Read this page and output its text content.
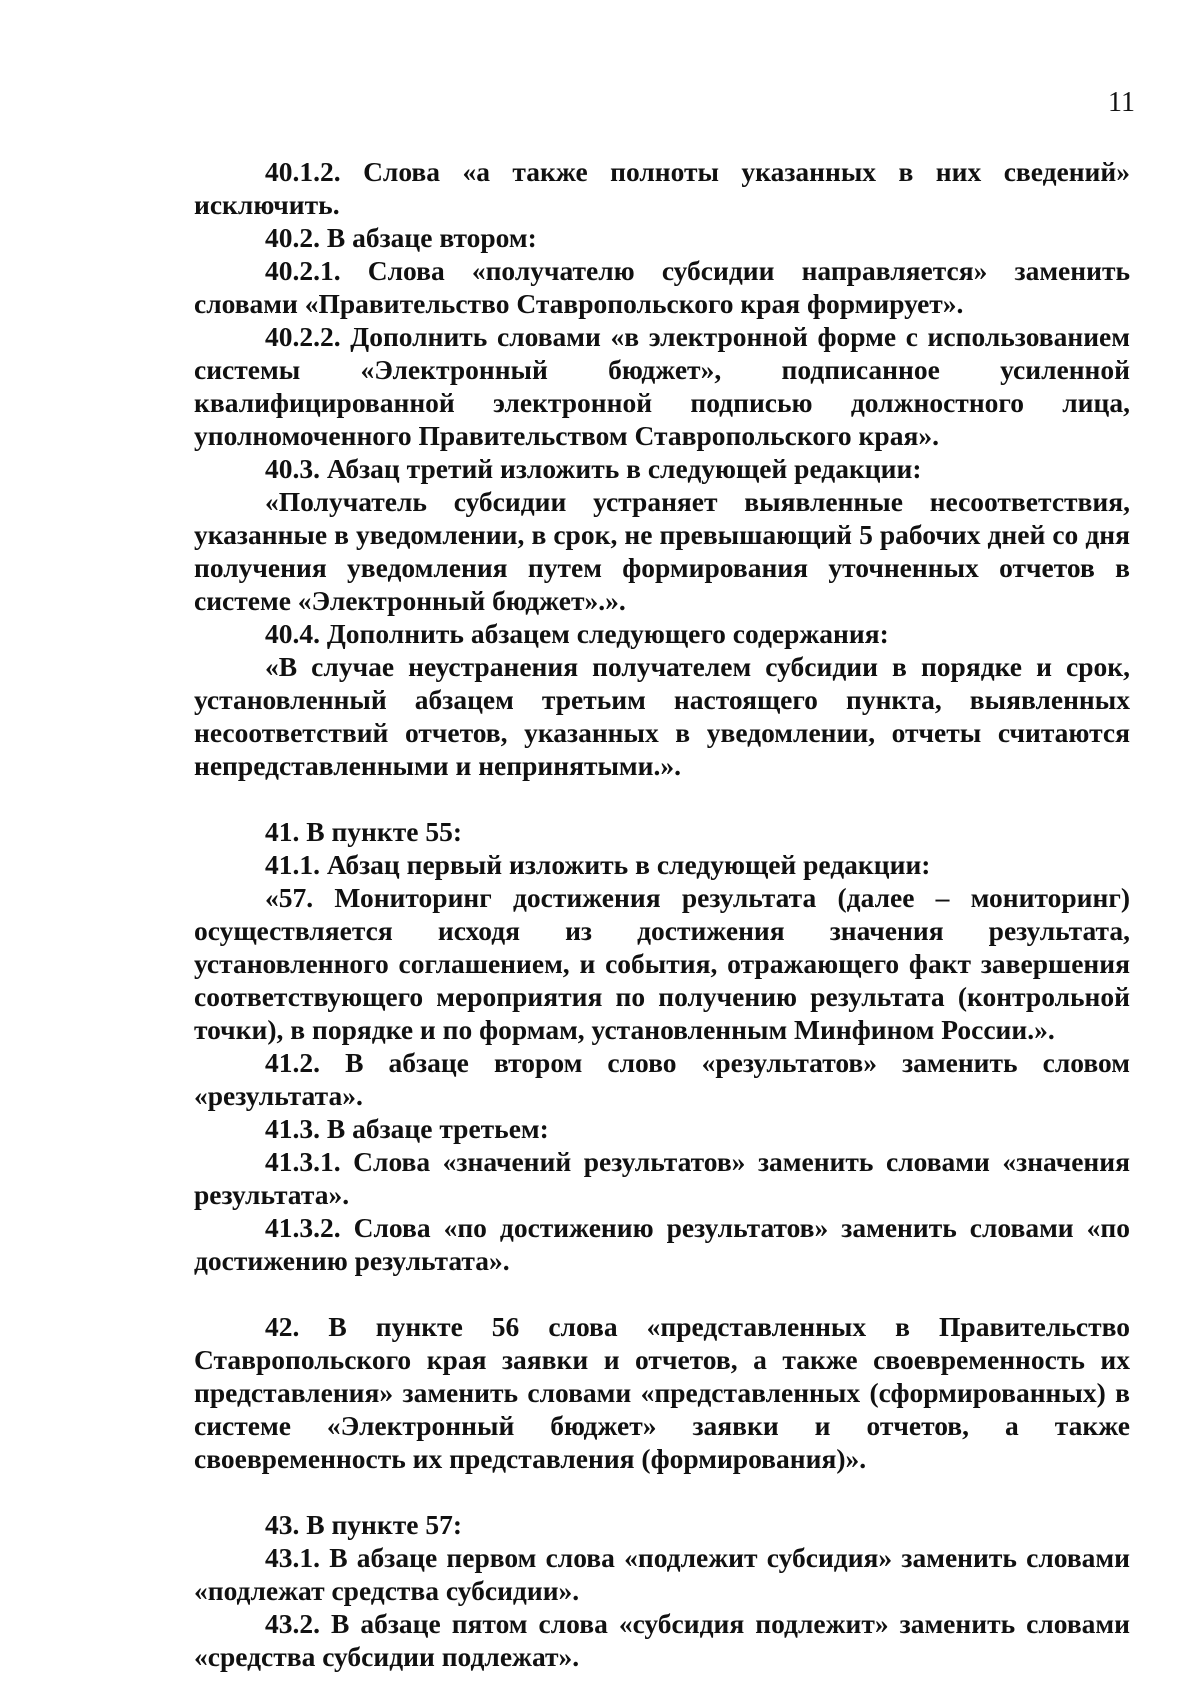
11

40.1.2. Слова «а также полноты указанных в них сведений» исключить.

40.2. В абзаце втором:

40.2.1. Слова «получателю субсидии направляется» заменить словами «Правительство Ставропольского края формирует».

40.2.2. Дополнить словами «в электронной форме с использованием системы «Электронный бюджет», подписанное усиленной квалифицированной электронной подписью должностного лица, уполномоченного Правительством Ставропольского края».

40.3. Абзац третий изложить в следующей редакции:

«Получатель субсидии устраняет выявленные несоответствия, указанные в уведомлении, в срок, не превышающий 5 рабочих дней со дня получения уведомления путем формирования уточненных отчетов в системе «Электронный бюджет».».

40.4. Дополнить абзацем следующего содержания:

«В случае неустранения получателем субсидии в порядке и срок, установленный абзацем третьим настоящего пункта, выявленных несоответствий отчетов, указанных в уведомлении, отчеты считаются непредставленными и непринятыми.».

41. В пункте 55:

41.1. Абзац первый изложить в следующей редакции:

«57. Мониторинг достижения результата (далее – мониторинг) осуществляется исходя из достижения значения результата, установленного соглашением, и события, отражающего факт завершения соответствующего мероприятия по получению результата (контрольной точки), в порядке и по формам, установленным Минфином России.».

41.2. В абзаце втором слово «результатов» заменить словом «результата».

41.3. В абзаце третьем:

41.3.1. Слова «значений результатов» заменить словами «значения результата».

41.3.2. Слова «по достижению результатов» заменить словами «по достижению результата».

42. В пункте 56 слова «представленных в Правительство Ставропольского края заявки и отчетов, а также своевременность их представления» заменить словами «представленных (сформированных) в системе «Электронный бюджет» заявки и отчетов, а также своевременность их представления (формирования)».

43. В пункте 57:

43.1. В абзаце первом слова «подлежит субсидия» заменить словами «подлежат средства субсидии».

43.2. В абзаце пятом слова «субсидия подлежит» заменить словами «средства субсидии подлежат».
